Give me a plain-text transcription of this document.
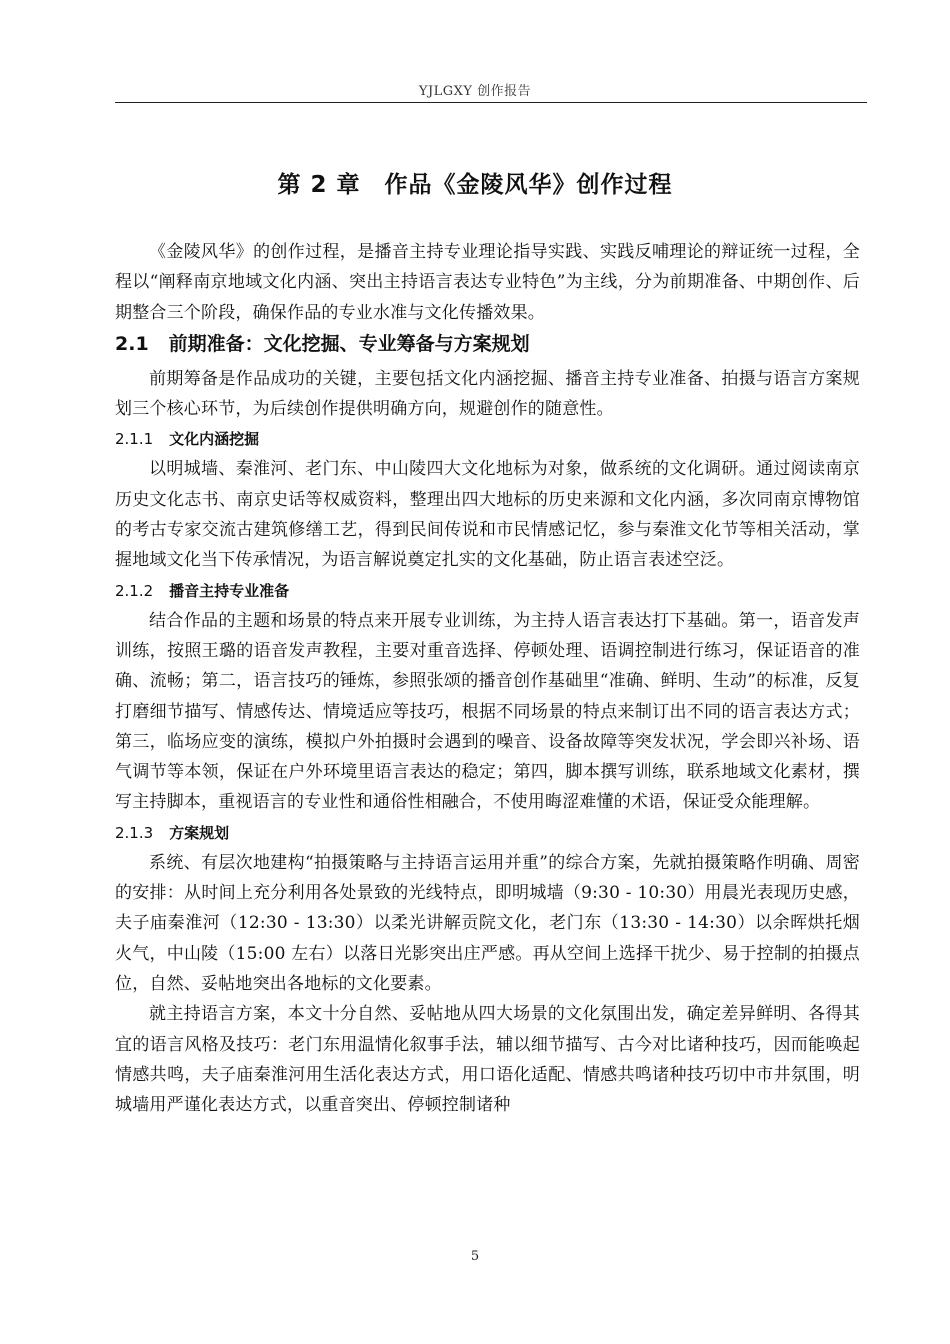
YJLGXY 创作报告
第 2 章　作品《金陵风华》创作过程

《金陵风华》的创作过程，是播音主持专业理论指导实践、实践反哺理论的辩证统一过程，全程以“阐释南京地域文化内涵、突出主持语言表达专业特色”为主线，分为前期准备、中期创作、后期整合三个阶段，确保作品的专业水准与文化传播效果。

2.1 前期准备：文化挖掘、专业筹备与方案规划

前期筹备是作品成功的关键，主要包括文化内涵挖掘、播音主持专业准备、拍摄与语言方案规划三个核心环节，为后续创作提供明确方向，规避创作的随意性。

2.1.1 文化内涵挖掘

以明城墙、秦淮河、老门东、中山陵四大文化地标为对象，做系统的文化调研。通过阅读南京历史文化志书、南京史话等权威资料，整理出四大地标的历史来源和文化内涵，多次同南京博物馆的考古专家交流古建筑修缮工艺，得到民间传说和市民情感记忆，参与秦淮文化节等相关活动，掌握地域文化当下传承情况，为语言解说奠定扎实的文化基础，防止语言表述空泛。

2.1.2 播音主持专业准备

结合作品的主题和场景的特点来开展专业训练，为主持人语言表达打下基础。第一，语音发声训练，按照王璐的语音发声教程，主要对重音选择、停顿处理、语调控制进行练习，保证语音的准确、流畅；第二，语言技巧的锤炼，参照张颂的播音创作基础里“准确、鲜明、生动”的标准，反复打磨细节描写、情感传达、情境适应等技巧，根据不同场景的特点来制订出不同的语言表达方式；第三，临场应变的演练，模拟户外拍摄时会遇到的噪音、设备故障等突发状况，学会即兴补场、语气调节等本领，保证在户外环境里语言表达的稳定；第四，脚本撰写训练，联系地域文化素材，撰写主持脚本，重视语言的专业性和通俗性相融合，不使用晦涩难懂的术语，保证受众能理解。

2.1.3 方案规划

系统、有层次地建构“拍摄策略与主持语言运用并重”的综合方案，先就拍摄策略作明确、周密的安排：从时间上充分利用各处景致的光线特点，即明城墙（9:30 - 10:30）用晨光表现历史感，夫子庙秦淮河（12:30 - 13:30）以柔光讲解贡院文化，老门东（13:30 - 14:30）以余晖烘托烟火气，中山陵（15:00 左右）以落日光影突出庄严感。再从空间上选择干扰少、易于控制的拍摄点位，自然、妥帖地突出各地标的文化要素。

就主持语言方案，本文十分自然、妥帖地从四大场景的文化氛围出发，确定差异鲜明、各得其宜的语言风格及技巧：老门东用温情化叙事手法，辅以细节描写、古今对比诸种技巧，因而能唤起情感共鸣，夫子庙秦淮河用生活化表达方式，用口语化适配、情感共鸣诸种技巧切中市井氛围，明城墙用严谨化表达方式，以重音突出、停顿控制诸种

5
